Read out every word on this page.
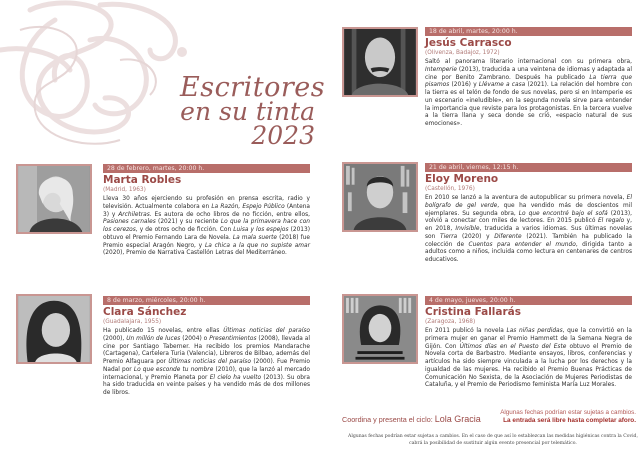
Escritores
en su tinta
2023
28 de febrero, martes, 20:00 h.
Marta Robles
(Madrid, 1963)
Lleva 30 años ejerciendo su profesión en prensa escrita, radio y televisión. Actualmente colabora en La Razón, Espejo Público (Antena 3) y Archiletras. Es autora de ocho libros de no ficción, entre ellos, Pasiones carnales (2021) y su reciente Lo que la primavera hace con los cerezos, y de otros ocho de ficción. Con Luisa y los espejos (2013) obtuvo el Premio Fernando Lara de Novela. La mala suerte (2018) fue Premio especial Aragón Negro, y La chica a la que no supiste amar (2020), Premio de Narrativa Castellón Letras del Mediterráneo.
8 de marzo, miércoles, 20:00 h.
Clara Sánchez
(Guadalajara, 1955)
Ha publicado 15 novelas, entre ellas Últimas noticias del paraíso (2000), Un millón de luces (2004) o Presentimientos (2008), llevada al cine por Santiago Taberner. Ha recibido los premios Mandarache (Cartagena), Cartelera Turia (Valencia), Libreros de Bilbao, además del Premio Alfaguara por Últimas noticias del paraíso (2000). Fue Premio Nadal por Lo que esconde tu nombre (2010), que la lanzó al mercado internacional, y Premio Planeta por El cielo ha vuelto (2013). Su obra ha sido traducida en veinte países y ha vendido más de dos millones de libros.
18 de abril, martes, 20:00 h.
Jesús Carrasco
(Olivenza, Badajoz, 1972)
Saltó al panorama literario internacional con su primera obra, Intemperie (2013), traducida a una veintena de idiomas y adaptada al cine por Benito Zambrano. Después ha publicado La tierra que pisamos (2016) y Llévame a casa (2021). La relación del hombre con la tierra es el telón de fondo de sus novelas, pero si en Intemperie es un escenario «ineludible», en la segunda novela sirve para entender la importancia que reviste para los protagonistas. En la tercera vuelve a la tierra llana y seca donde se crió, «espacio natural de sus emociones».
21 de abril, viernes, 12:15 h.
Eloy Moreno
(Castellón, 1976)
En 2010 se lanzó a la aventura de autopublicar su primera novela, El bolígrafo de gel verde, que ha vendido más de doscientos mil ejemplares. Su segunda obra, Lo que encontré bajo el sofá (2013), volvió a conectar con miles de lectores. En 2015 publicó El regalo y, en 2018, Invisible, traducida a varios idiomas. Sus últimas novelas son Tierra (2020) y Diferente (2021). También ha publicado la colección de Cuentos para entender el mundo, dirigida tanto a adultos como a niños, incluida como lectura en centenares de centros educativos.
4 de mayo, jueves, 20:00 h.
Cristina Fallarás
(Zaragoza, 1968)
En 2011 publicó la novela Las niñas perdidas, que la convirtió en la primera mujer en ganar el Premio Hammett de la Semana Negra de Gijón. Con Últimos días en el Puesto del Este obtuvo el Premio de Novela corta de Barbastro. Mediante ensayos, libros, conferencias y artículos ha sido siempre vinculada a la lucha por los derechos y la igualdad de las mujeres. Ha recibido el Premio Buenas Prácticas de Comunicación No Sexista, de la Asociación de Mujeres Periodistas de Cataluña, y el Premio de Periodismo feminista María Luz Morales.
Coordina y presenta el ciclo: Lola Gracia
Algunas fechas podrían estar sujetas a cambios.
La entrada será libre hasta completar aforo.
Algunas fechas podrían estar sujetas a cambios. En el caso de que así lo establezcan las medidas higiénicas contra la Covid, cabrá la posibilidad de sustituir algún evento presencial por telemático.
